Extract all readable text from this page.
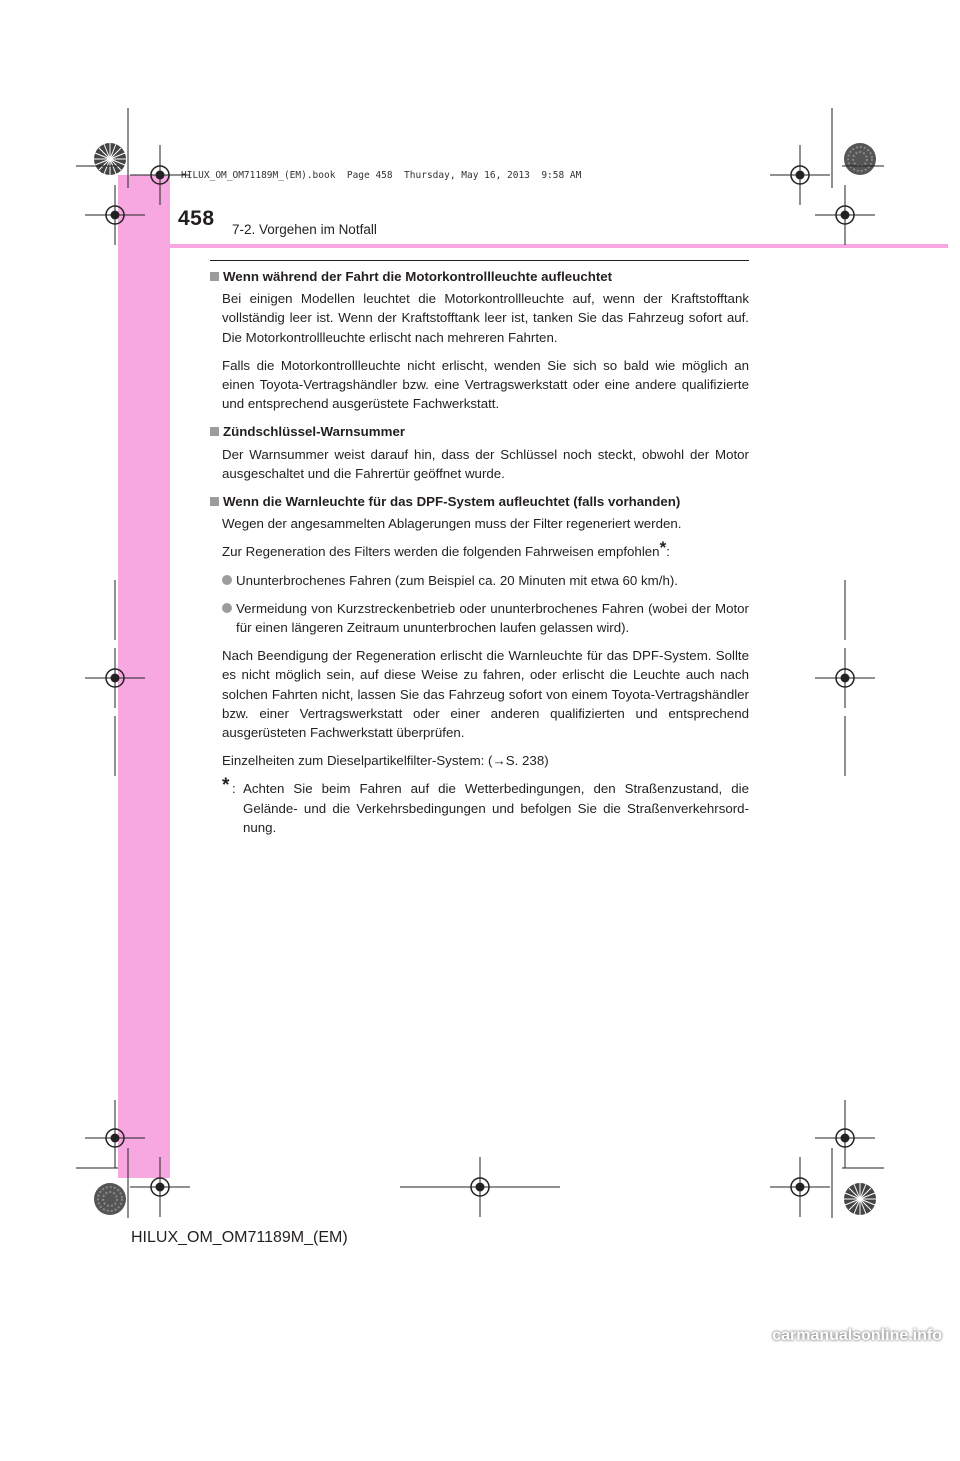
HILUX_OM_OM71189M_(EM).book  Page 458  Thursday, May 16, 2013  9:58 AM
458 7-2. Vorgehen im Notfall
Wenn während der Fahrt die Motorkontrollleuchte aufleuchtet

Bei einigen Modellen leuchtet die Motorkontrollleuchte auf, wenn der Kraftstofftank vollständig leer ist. Wenn der Kraftstofftank leer ist, tanken Sie das Fahrzeug sofort auf. Die Motorkontrollleuchte erlischt nach mehreren Fahrten.

Falls die Motorkontrollleuchte nicht erlischt, wenden Sie sich so bald wie möglich an einen Toyota-Vertragshändler bzw. eine Vertragswerkstatt oder eine andere qualifizierte und entsprechend ausgerüstete Fachwerkstatt.

Zündschlüssel-Warnsummer

Der Warnsummer weist darauf hin, dass der Schlüssel noch steckt, obwohl der Motor ausgeschaltet und die Fahrertür geöffnet wurde.

Wenn die Warnleuchte für das DPF-System aufleuchtet (falls vorhanden)

Wegen der angesammelten Ablagerungen muss der Filter regeneriert werden.

Zur Regeneration des Filters werden die folgenden Fahrweisen empfohlen*:

Ununterbrochenes Fahren (zum Beispiel ca. 20 Minuten mit etwa 60 km/h).
Vermeidung von Kurzstreckenbetrieb oder ununterbrochenes Fahren (wobei der Motor für einen längeren Zeitraum ununterbrochen laufen gelassen wird).

Nach Beendigung der Regeneration erlischt die Warnleuchte für das DPF-System. Sollte es nicht möglich sein, auf diese Weise zu fahren, oder erlischt die Leuchte auch nach solchen Fahrten nicht, lassen Sie das Fahrzeug sofort von einem Toyota-Vertragshändler bzw. einer Vertragswerkstatt oder einer anderen qualifizierten und entsprechend ausgerüsteten Fachwerkstatt überprüfen.

Einzelheiten zum Dieselpartikelfilter-System: (→S. 238)

* : Achten Sie beim Fahren auf die Wetterbedingungen, den Straßenzustand, die Gelände- und die Verkehrsbedingungen und befolgen Sie die Straßenverkehrsordnung.
HILUX_OM_OM71189M_(EM)
carmanualsonline.info
